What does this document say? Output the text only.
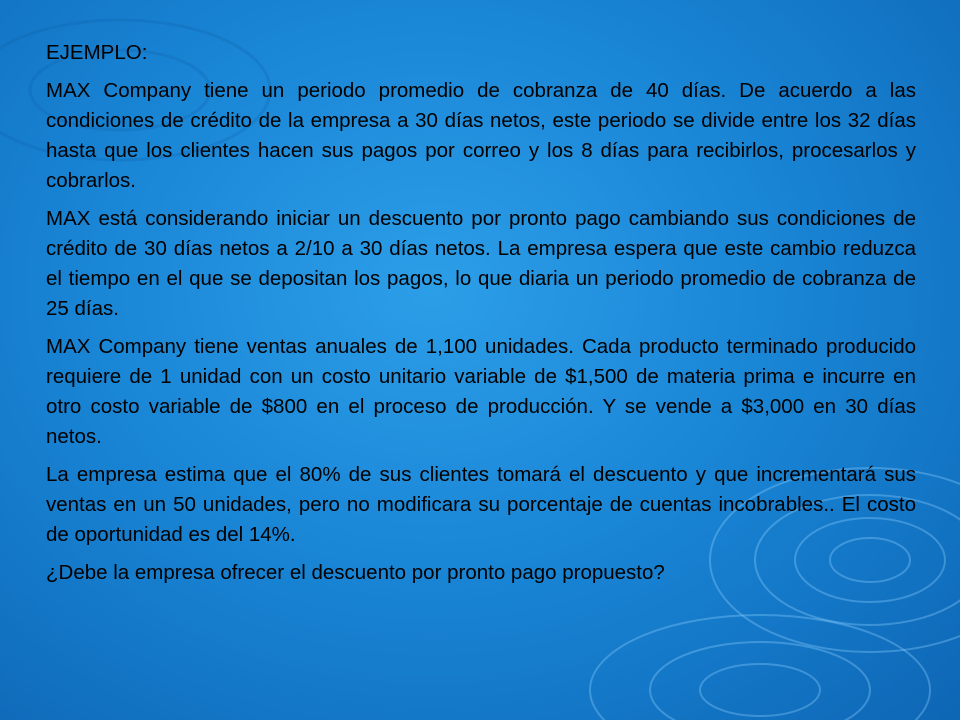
EJEMPLO:
MAX Company tiene un periodo promedio de cobranza de 40 días. De acuerdo a las condiciones de crédito de la empresa a 30 días netos, este periodo se divide entre los 32 días hasta que los clientes hacen sus pagos por correo y los 8 días para recibirlos, procesarlos y cobrarlos.
MAX está considerando iniciar un descuento por pronto pago cambiando sus condiciones de crédito de 30 días netos a 2/10 a 30 días netos. La empresa espera que este cambio reduzca el tiempo en el que se depositan los pagos, lo que diaria un periodo promedio de cobranza de 25 días.
MAX Company tiene ventas anuales de 1,100 unidades. Cada producto terminado producido requiere de 1 unidad con un costo unitario variable de $1,500 de materia prima e incurre en otro costo variable de $800 en el proceso de producción. Y se vende a $3,000 en 30 días netos.
La empresa estima que el 80% de sus clientes tomará el descuento y que incrementará sus ventas en un 50 unidades, pero no modificara su porcentaje de cuentas incobrables.. El costo de oportunidad es del 14%.
¿Debe la empresa ofrecer el descuento por pronto pago propuesto?
